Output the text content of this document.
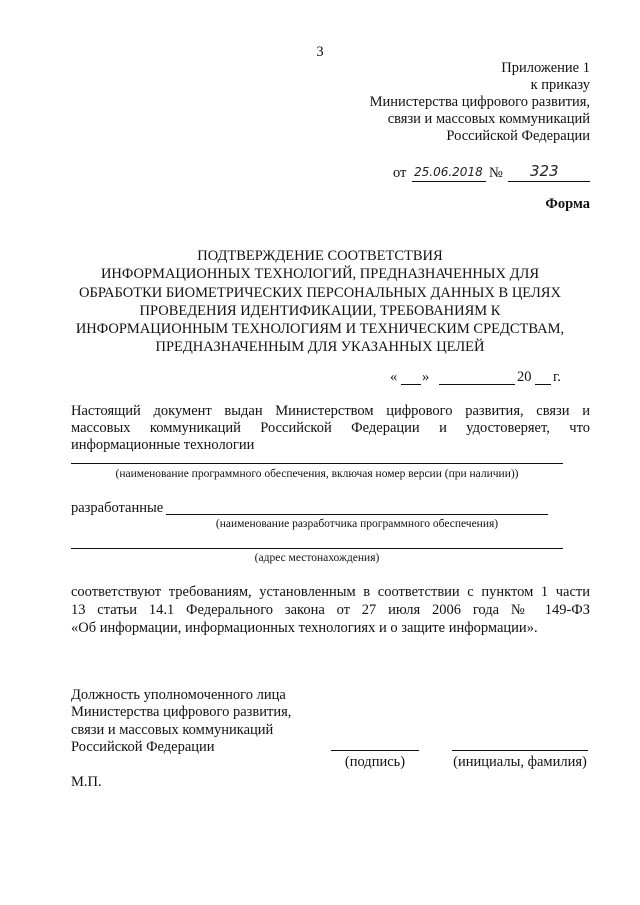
3
Приложение 1
к приказу
Министерства цифрового развития,
связи и массовых коммуникаций
Российской Федерации
от 25.06.2018 № 323
Форма
ПОДТВЕРЖДЕНИЕ СООТВЕТСТВИЯ
ИНФОРМАЦИОННЫХ ТЕХНОЛОГИЙ, ПРЕДНАЗНАЧЕННЫХ ДЛЯ
ОБРАБОТКИ БИОМЕТРИЧЕСКИХ ПЕРСОНАЛЬНЫХ ДАННЫХ В ЦЕЛЯХ
ПРОВЕДЕНИЯ ИДЕНТИФИКАЦИИ, ТРЕБОВАНИЯМ К
ИНФОРМАЦИОННЫМ ТЕХНОЛОГИЯМ И ТЕХНИЧЕСКИМ СРЕДСТВАМ,
ПРЕДНАЗНАЧЕННЫМ ДЛЯ УКАЗАННЫХ ЦЕЛЕЙ
« »	20 г.
Настоящий документ выдан Министерством цифрового развития, связи и
массовых коммуникаций Российской Федерации и удостоверяет, что
информационные технологии
(наименование программного обеспечения, включая номер версии (при наличии))
разработанные
(наименование разработчика программного обеспечения)
(адрес местонахождения)
соответствуют требованиям, установленным в соответствии с пунктом 1 части
13 статьи 14.1 Федерального закона от 27 июля 2006 года № 149-ФЗ
«Об информации, информационных технологиях и о защите информации».
Должность уполномоченного лица
Министерства цифрового развития,
связи и массовых коммуникаций
Российской Федерации
(подпись)	(инициалы, фамилия)
М.П.
